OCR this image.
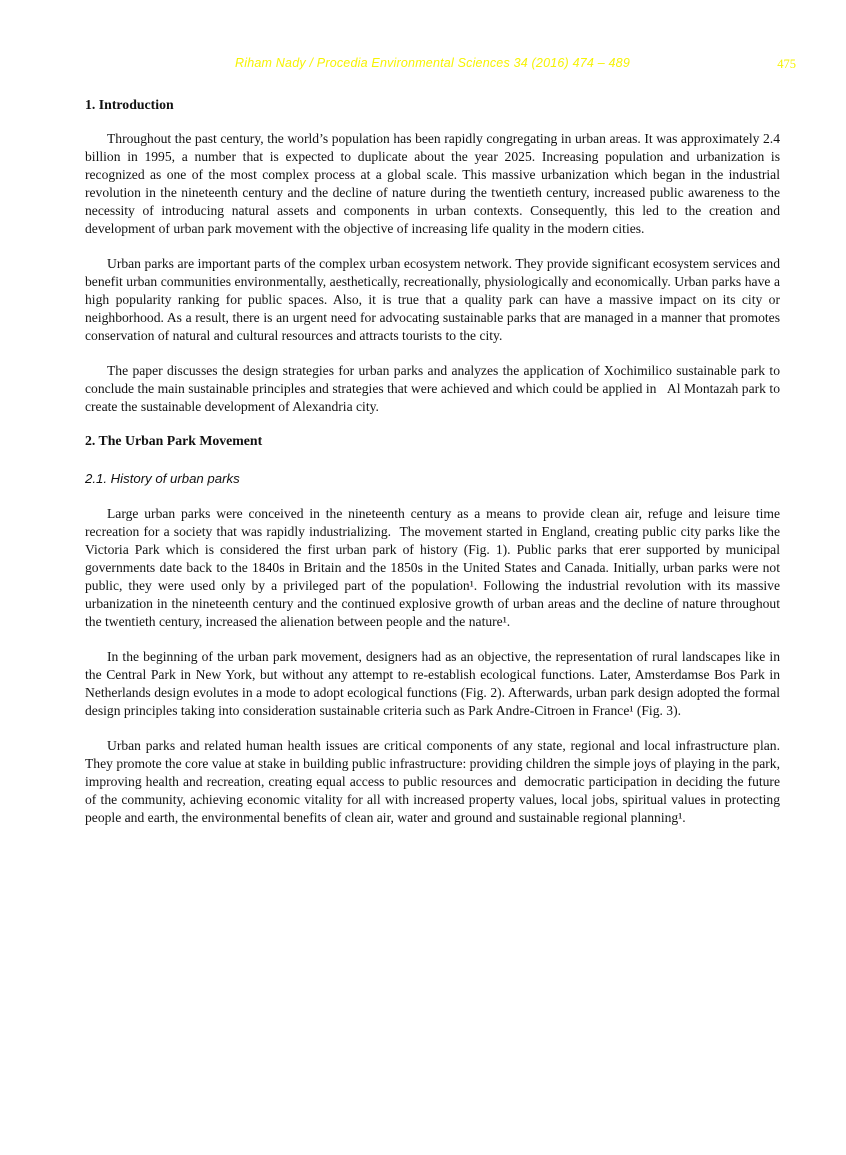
Riham Nady / Procedia Environmental Sciences 34 (2016) 474 – 489	475
1. Introduction

Throughout the past century, the world’s population has been rapidly congregating in urban areas. It was approximately 2.4 billion in 1995, a number that is expected to duplicate about the year 2025. Increasing population and urbanization is recognized as one of the most complex process at a global scale. This massive urbanization which began in the industrial revolution in the nineteenth century and the decline of nature during the twentieth century, increased public awareness to the necessity of introducing natural assets and components in urban contexts. Consequently, this led to the creation and development of urban park movement with the objective of increasing life quality in the modern cities.

Urban parks are important parts of the complex urban ecosystem network. They provide significant ecosystem services and benefit urban communities environmentally, aesthetically, recreationally, physiologically and economically. Urban parks have a high popularity ranking for public spaces. Also, it is true that a quality park can have a massive impact on its city or neighborhood. As a result, there is an urgent need for advocating sustainable parks that are managed in a manner that promotes conservation of natural and cultural resources and attracts tourists to the city.

The paper discusses the design strategies for urban parks and analyzes the application of Xochimilico sustainable park to conclude the main sustainable principles and strategies that were achieved and which could be applied in   Al Montazah park to create the sustainable development of Alexandria city.

2. The Urban Park Movement
2.1. History of urban parks

Large urban parks were conceived in the nineteenth century as a means to provide clean air, refuge and leisure time recreation for a society that was rapidly industrializing.  The movement started in England, creating public city parks like the Victoria Park which is considered the first urban park of history (Fig. 1). Public parks that erer supported by municipal governments date back to the 1840s in Britain and the 1850s in the United States and Canada. Initially, urban parks were not public, they were used only by a privileged part of the population¹. Following the industrial revolution with its massive urbanization in the nineteenth century and the continued explosive growth of urban areas and the decline of nature throughout the twentieth century, increased the alienation between people and the nature¹.

In the beginning of the urban park movement, designers had as an objective, the representation of rural landscapes like in the Central Park in New York, but without any attempt to re-establish ecological functions. Later, Amsterdamse Bos Park in Netherlands design evolutes in a mode to adopt ecological functions (Fig. 2). Afterwards, urban park design adopted the formal design principles taking into consideration sustainable criteria such as Park Andre-Citroen in France¹ (Fig. 3).

Urban parks and related human health issues are critical components of any state, regional and local infrastructure plan. They promote the core value at stake in building public infrastructure: providing children the simple joys of playing in the park, improving health and recreation, creating equal access to public resources and  democratic participation in deciding the future of the community, achieving economic vitality for all with increased property values, local jobs, spiritual values in protecting people and earth, the environmental benefits of clean air, water and ground and sustainable regional planning¹.
